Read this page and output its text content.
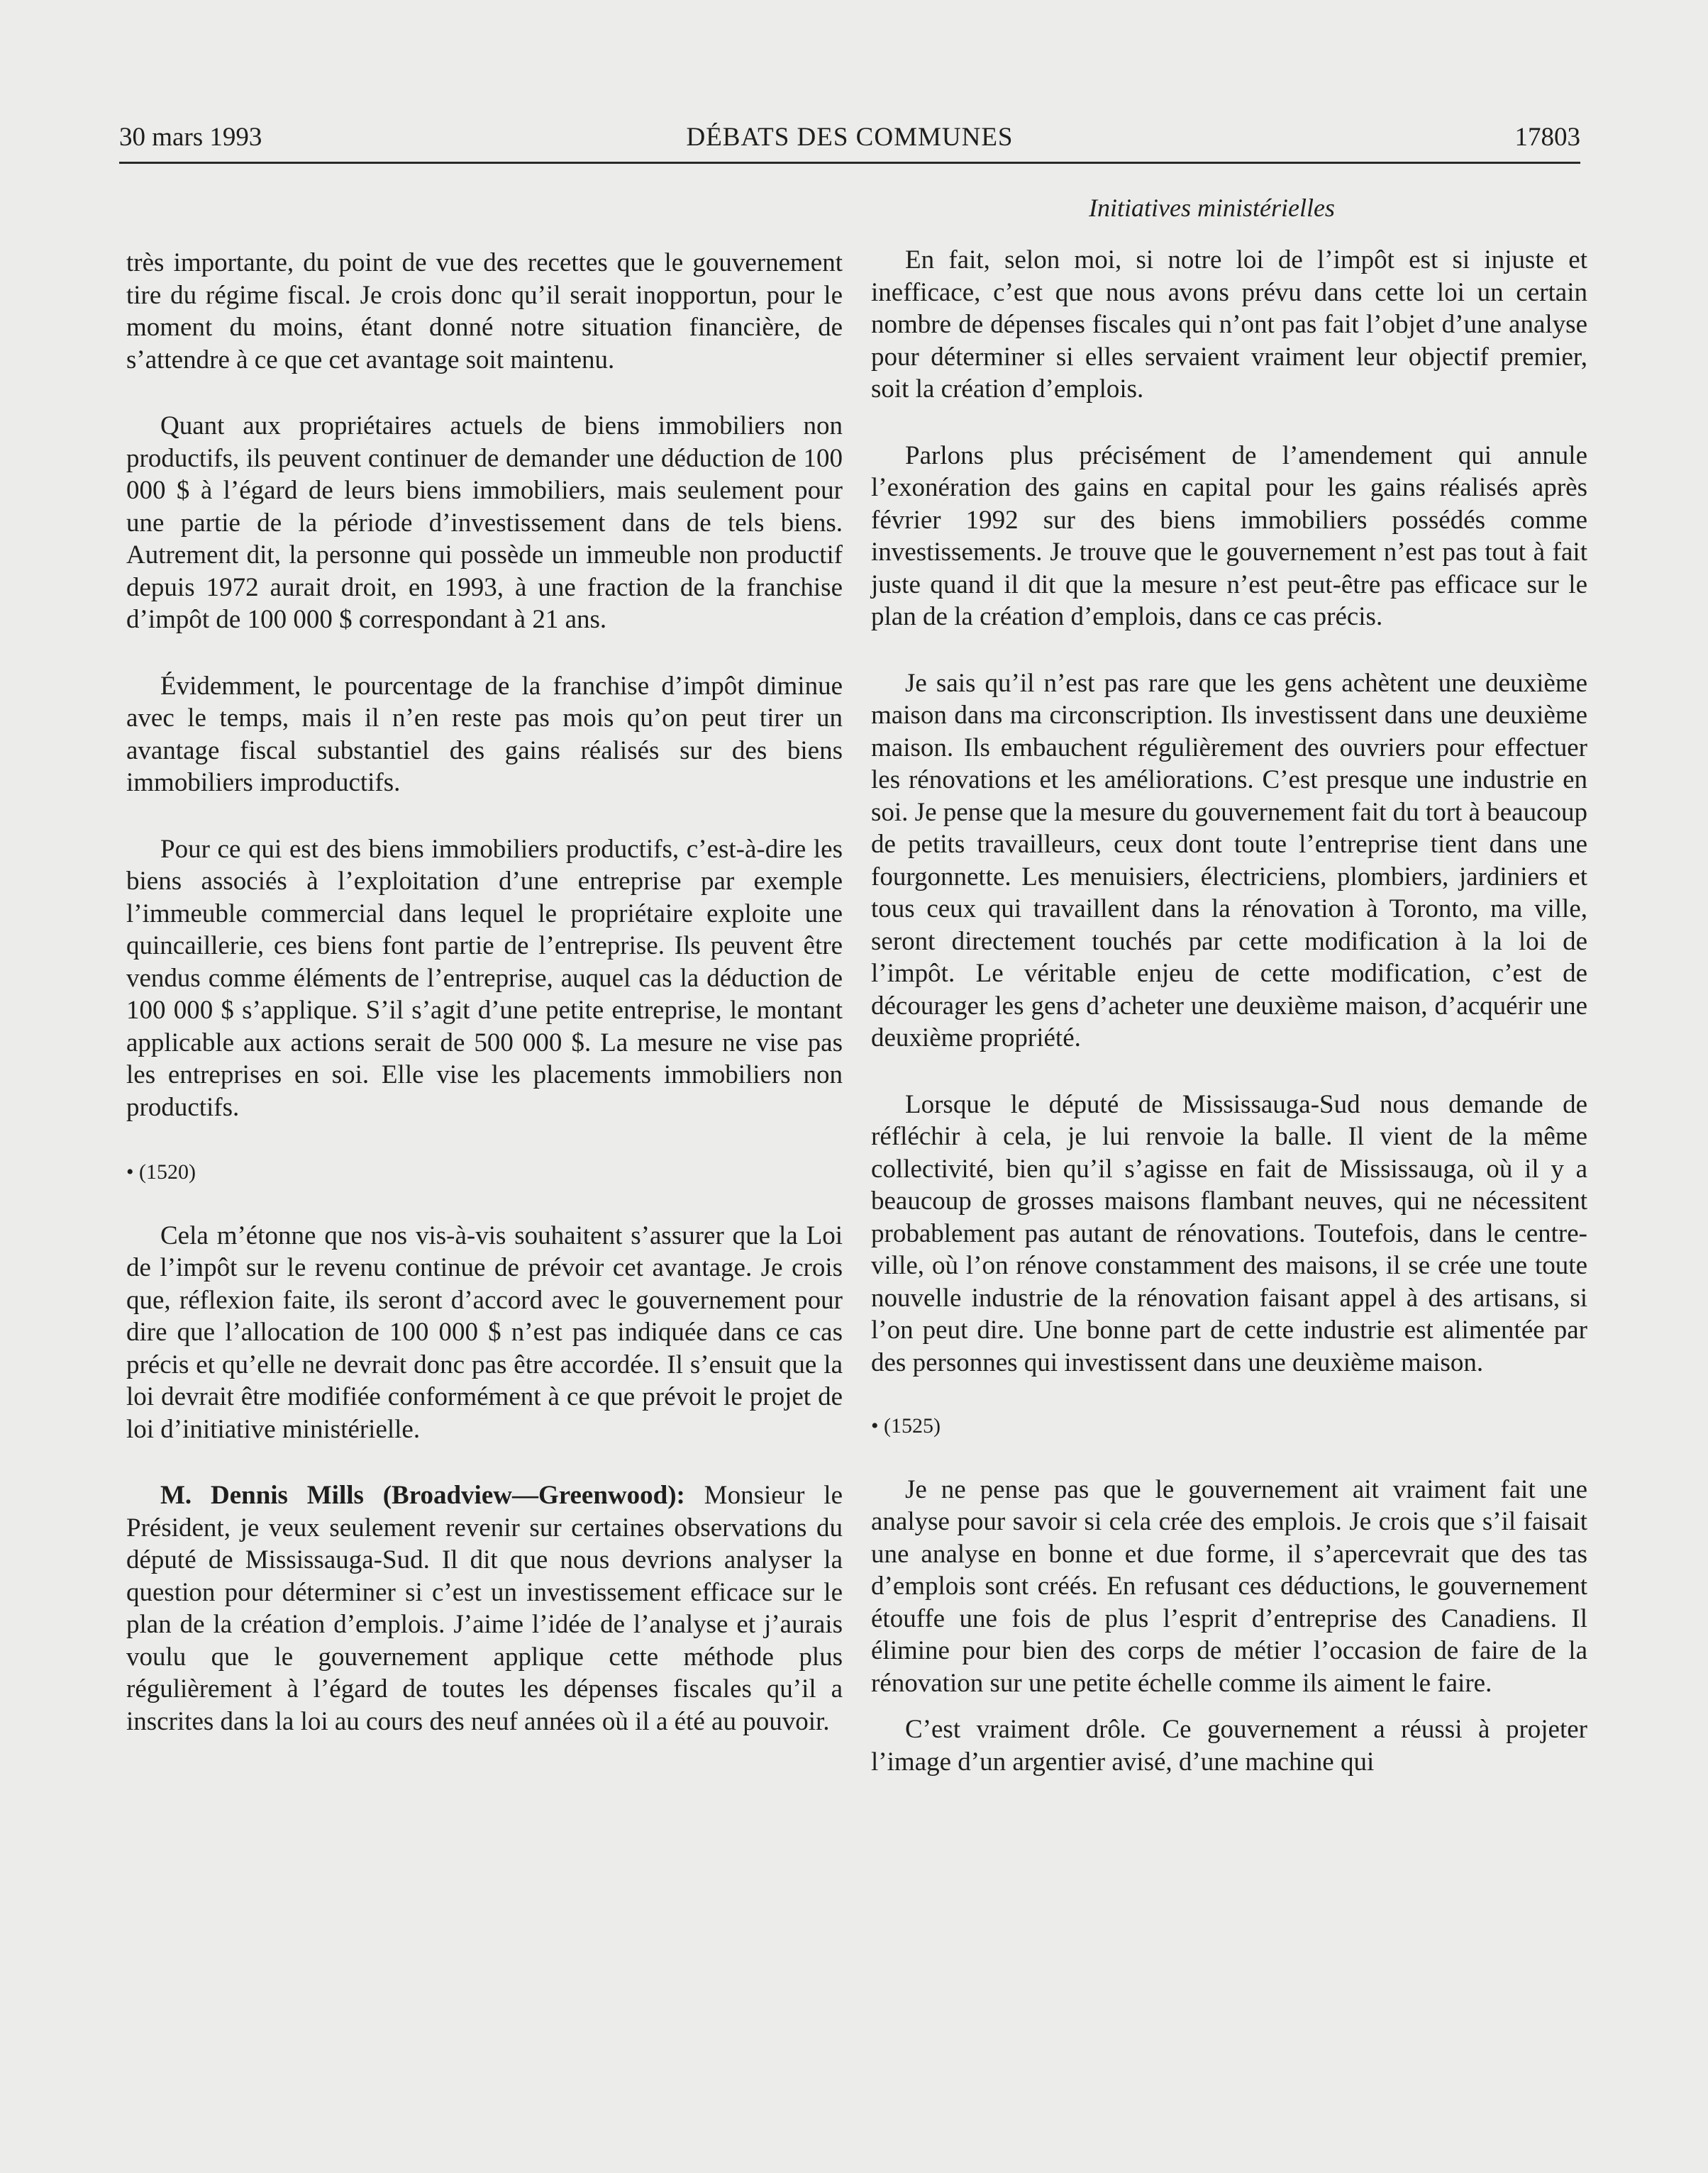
30 mars 1993	DÉBATS DES COMMUNES	17803
Initiatives ministérielles

très importante, du point de vue des recettes que le gouvernement tire du régime fiscal. Je crois donc qu’il serait inopportun, pour le moment du moins, étant donné notre situation financière, de s’attendre à ce que cet avantage soit maintenu.

Quant aux propriétaires actuels de biens immobiliers non productifs, ils peuvent continuer de demander une déduction de 100 000 $ à l’égard de leurs biens immobiliers, mais seulement pour une partie de la période d’investissement dans de tels biens. Autrement dit, la personne qui possède un immeuble non productif depuis 1972 aurait droit, en 1993, à une fraction de la franchise d’impôt de 100 000 $ correspondant à 21 ans.

Évidemment, le pourcentage de la franchise d’impôt diminue avec le temps, mais il n’en reste pas mois qu’on peut tirer un avantage fiscal substantiel des gains réalisés sur des biens immobiliers improductifs.

Pour ce qui est des biens immobiliers productifs, c’est-à-dire les biens associés à l’exploitation d’une entreprise par exemple l’immeuble commercial dans lequel le propriétaire exploite une quincaillerie, ces biens font partie de l’entreprise. Ils peuvent être vendus comme éléments de l’entreprise, auquel cas la déduction de 100 000 $ s’applique. S’il s’agit d’une petite entreprise, le montant applicable aux actions serait de 500 000 $. La mesure ne vise pas les entreprises en soi. Elle vise les placements immobiliers non productifs.

• (1520)

Cela m’étonne que nos vis-à-vis souhaitent s’assurer que la Loi de l’impôt sur le revenu continue de prévoir cet avantage. Je crois que, réflexion faite, ils seront d’accord avec le gouvernement pour dire que l’allocation de 100 000 $ n’est pas indiquée dans ce cas précis et qu’elle ne devrait donc pas être accordée. Il s’ensuit que la loi devrait être modifiée conformément à ce que prévoit le projet de loi d’initiative ministérielle.

M. Dennis Mills (Broadview—Greenwood): Monsieur le Président, je veux seulement revenir sur certaines observations du député de Mississauga-Sud. Il dit que nous devrions analyser la question pour déterminer si c’est un investissement efficace sur le plan de la création d’emplois. J’aime l’idée de l’analyse et j’aurais voulu que le gouvernement applique cette méthode plus régulièrement à l’égard de toutes les dépenses fiscales qu’il a inscrites dans la loi au cours des neuf années où il a été au pouvoir.

En fait, selon moi, si notre loi de l’impôt est si injuste et inefficace, c’est que nous avons prévu dans cette loi un certain nombre de dépenses fiscales qui n’ont pas fait l’objet d’une analyse pour déterminer si elles servaient vraiment leur objectif premier, soit la création d’emplois.

Parlons plus précisément de l’amendement qui annule l’exonération des gains en capital pour les gains réalisés après février 1992 sur des biens immobiliers possédés comme investissements. Je trouve que le gouvernement n’est pas tout à fait juste quand il dit que la mesure n’est peut-être pas efficace sur le plan de la création d’emplois, dans ce cas précis.

Je sais qu’il n’est pas rare que les gens achètent une deuxième maison dans ma circonscription. Ils investissent dans une deuxième maison. Ils embauchent régulièrement des ouvriers pour effectuer les rénovations et les améliorations. C’est presque une industrie en soi. Je pense que la mesure du gouvernement fait du tort à beaucoup de petits travailleurs, ceux dont toute l’entreprise tient dans une fourgonnette. Les menuisiers, électriciens, plombiers, jardiniers et tous ceux qui travaillent dans la rénovation à Toronto, ma ville, seront directement touchés par cette modification à la loi de l’impôt. Le véritable enjeu de cette modification, c’est de décourager les gens d’acheter une deuxième maison, d’acquérir une deuxième propriété.

Lorsque le député de Mississauga-Sud nous demande de réfléchir à cela, je lui renvoie la balle. Il vient de la même collectivité, bien qu’il s’agisse en fait de Mississauga, où il y a beaucoup de grosses maisons flambant neuves, qui ne nécessitent probablement pas autant de rénovations. Toutefois, dans le centre-ville, où l’on rénove constamment des maisons, il se crée une toute nouvelle industrie de la rénovation faisant appel à des artisans, si l’on peut dire. Une bonne part de cette industrie est alimentée par des personnes qui investissent dans une deuxième maison.

• (1525)

Je ne pense pas que le gouvernement ait vraiment fait une analyse pour savoir si cela crée des emplois. Je crois que s’il faisait une analyse en bonne et due forme, il s’apercevrait que des tas d’emplois sont créés. En refusant ces déductions, le gouvernement étouffe une fois de plus l’esprit d’entreprise des Canadiens. Il élimine pour bien des corps de métier l’occasion de faire de la rénovation sur une petite échelle comme ils aiment le faire.

C’est vraiment drôle. Ce gouvernement a réussi à projeter l’image d’un argentier avisé, d’une machine qui
